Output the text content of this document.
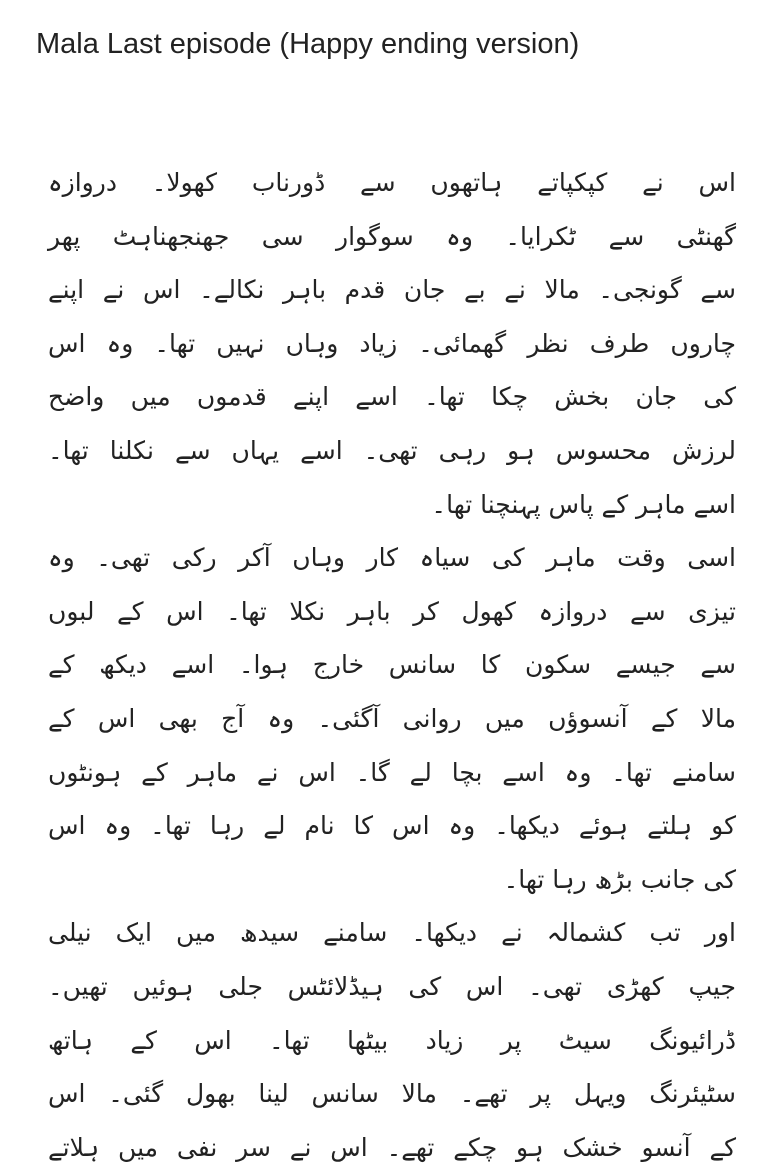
Mala Last episode (Happy ending version)
اس نے کپکپاتے ہاتھوں سے ڈورناب کھولا۔ دروازہ
گھنٹی سے ٹکرایا۔ وہ سوگوار سی جھنجھناہٹ پھر
سے گونجی۔ مالا نے بے جان قدم باہر نکالے۔ اس نے اپنے
چاروں طرف نظر گھمائی۔ زیاد وہاں نہیں تھا۔ وہ اس
کی جان بخش چکا تھا۔ اسے اپنے قدموں میں واضح
لرزش محسوس ہو رہی تھی۔ اسے یہاں سے نکلنا تھا۔
اسے ماہر کے پاس پہنچنا تھا۔
اسی وقت ماہر کی سیاہ کار وہاں آکر رکی تھی۔ وہ
تیزی سے دروازہ کھول کر باہر نکلا تھا۔ اس کے لبوں
سے جیسے سکون کا سانس خارج ہوا۔ اسے دیکھ کے
مالا کے آنسوؤں میں روانی آگئی۔ وہ آج بھی اس کے
سامنے تھا۔ وہ اسے بچا لے گا۔ اس نے ماہر کے ہونٹوں
کو ہلتے ہوئے دیکھا۔ وہ اس کا نام لے رہا تھا۔ وہ اس
کی جانب بڑھ رہا تھا۔
اور تب کشمالہ نے دیکھا۔ سامنے سیدھ میں ایک نیلی
جیپ کھڑی تھی۔ اس کی ہیڈلائٹس جلی ہوئیں تھیں۔
ڈرائیونگ سیٹ پر زیاد بیٹھا تھا۔ اس کے ہاتھ
سٹیئرنگ ویہل پر تھے۔ مالا سانس لینا بھول گئی۔ اس
کے آنسو خشک ہو چکے تھے۔ اس نے سر نفی میں ہلاتے
